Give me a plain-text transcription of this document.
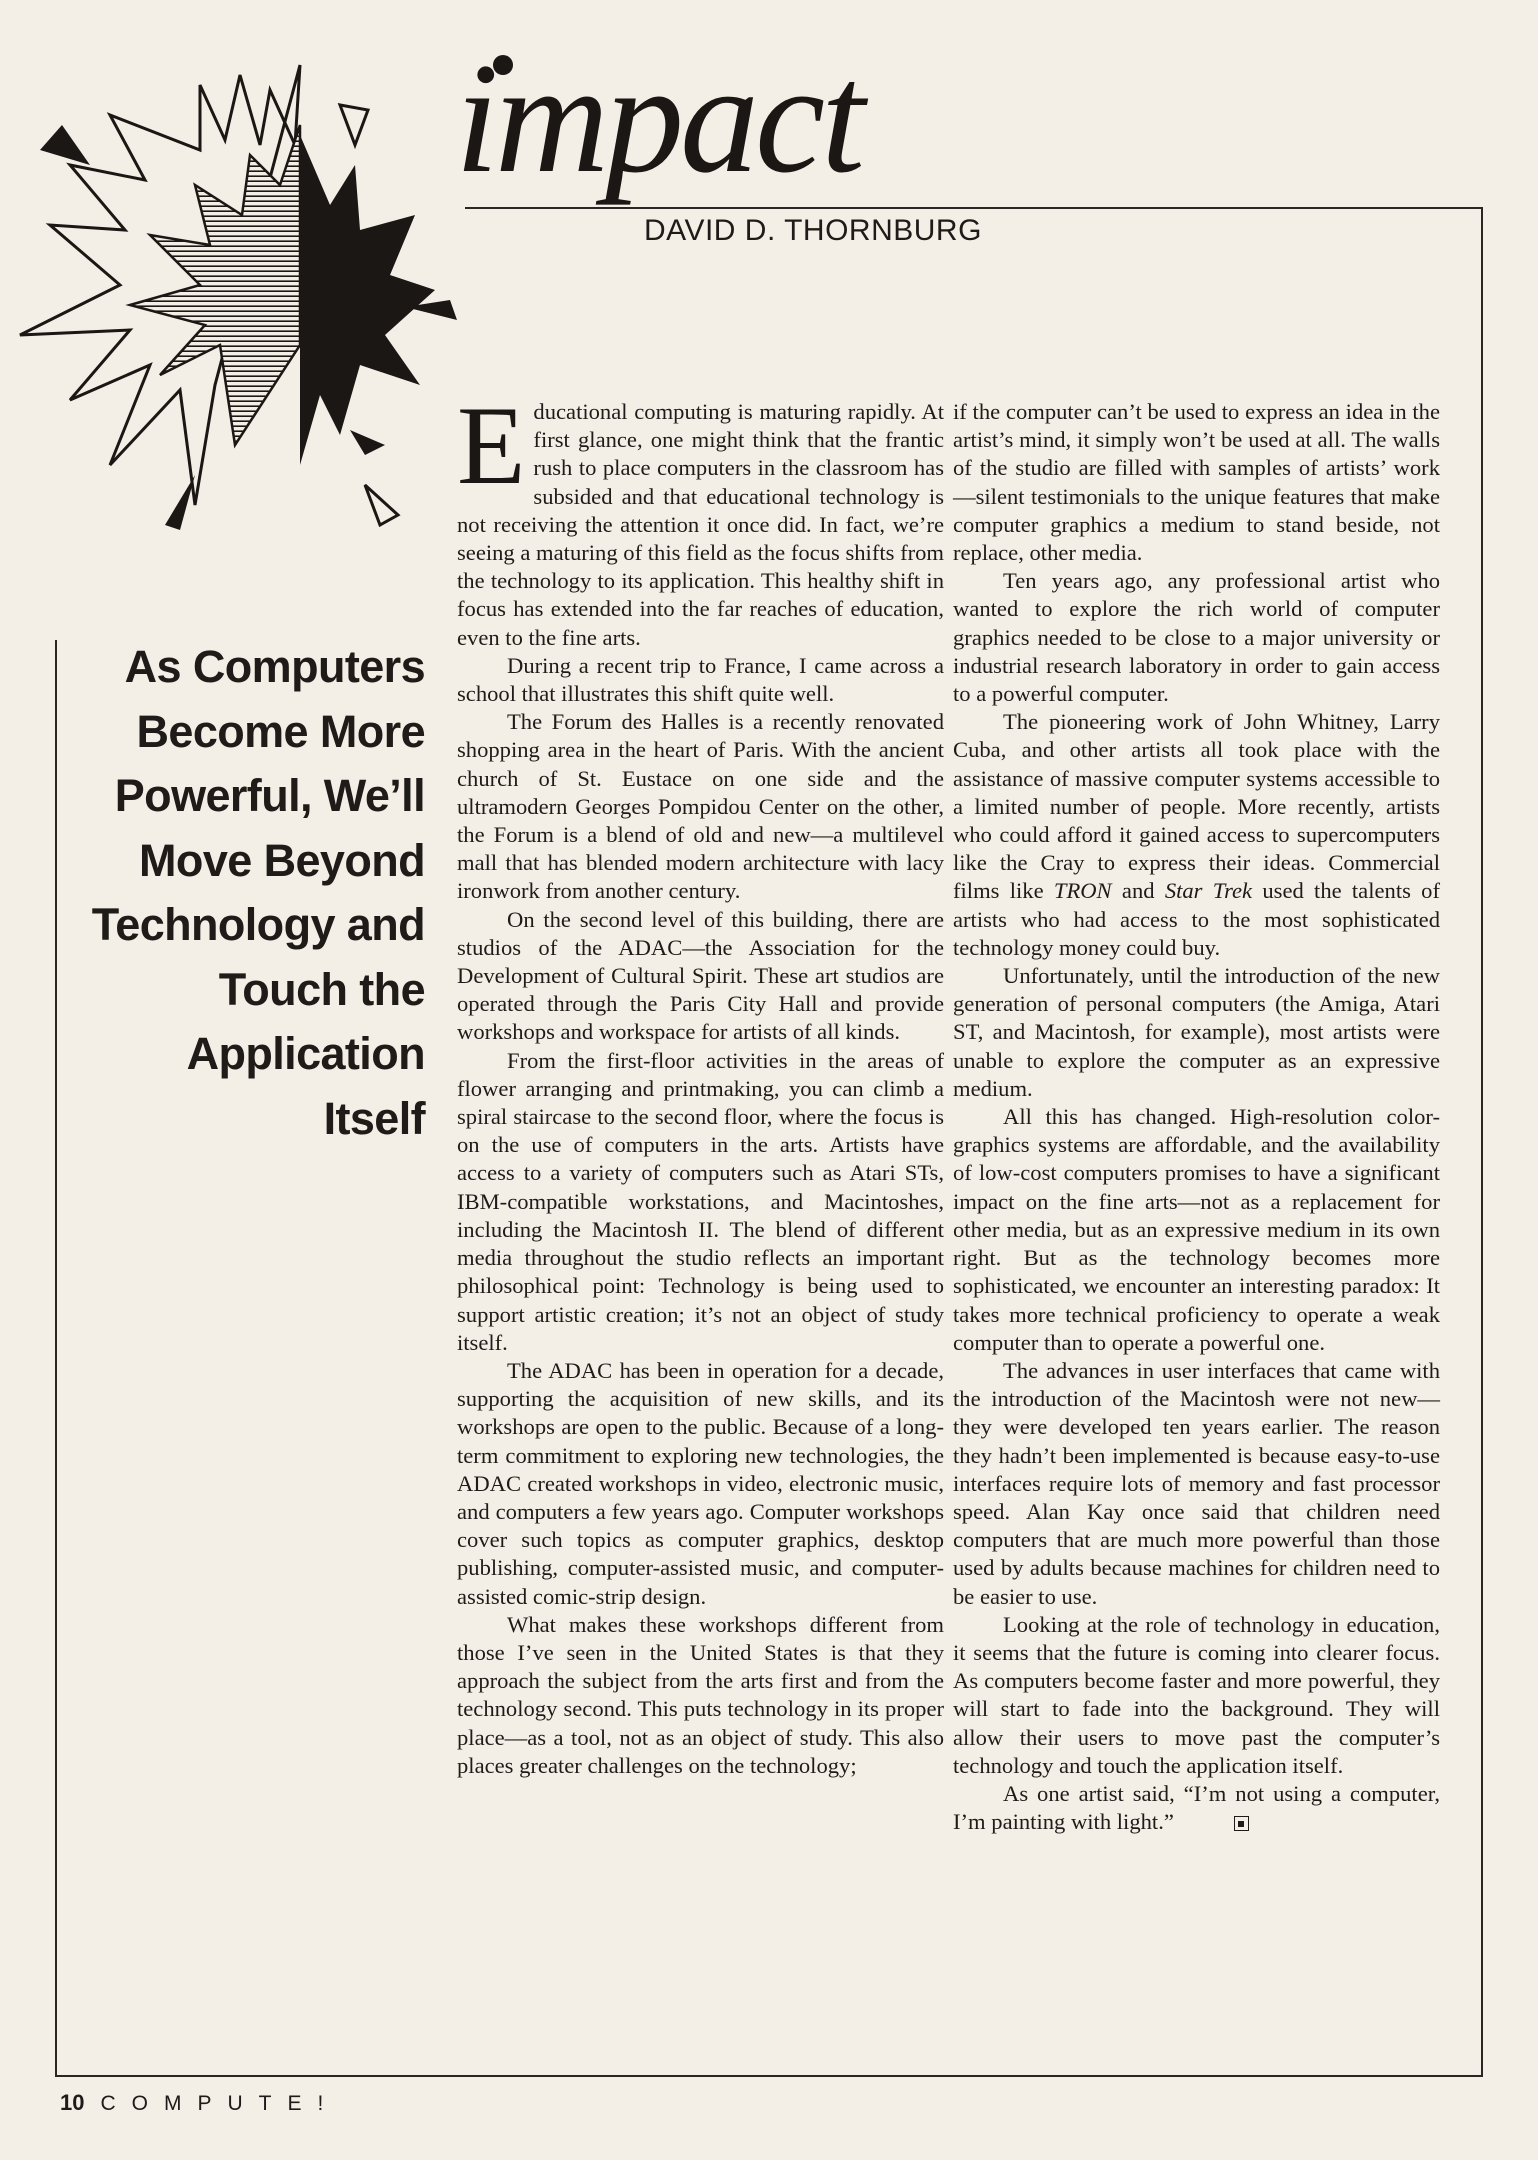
impact
DAVID D. THORNBURG
As Computers Become More Powerful, We’ll Move Beyond Technology and Touch the Application Itself

Educational computing is maturing rapidly. At first glance, one might think that the frantic rush to place computers in the classroom has subsided and that educational technology is not receiving the attention it once did. In fact, we’re seeing a maturing of this field as the focus shifts from the technology to its application. This healthy shift in focus has extended into the far reaches of education, even to the fine arts.

During a recent trip to France, I came across a school that illustrates this shift quite well.

The Forum des Halles is a recently renovated shopping area in the heart of Paris. With the ancient church of St. Eustace on one side and the ultramodern Georges Pompidou Center on the other, the Forum is a blend of old and new—a multilevel mall that has blended modern architecture with lacy ironwork from another century.

On the second level of this building, there are studios of the ADAC—the Association for the Development of Cultural Spirit. These art studios are operated through the Paris City Hall and provide workshops and workspace for artists of all kinds.

From the first-floor activities in the areas of flower arranging and printmaking, you can climb a spiral staircase to the second floor, where the focus is on the use of computers in the arts. Artists have access to a variety of computers such as Atari STs, IBM-compatible workstations, and Macintoshes, including the Macintosh II. The blend of different media throughout the studio reflects an important philosophical point: Technology is being used to support artistic creation; it’s not an object of study itself.

The ADAC has been in operation for a decade, supporting the acquisition of new skills, and its workshops are open to the public. Because of a long-term commitment to exploring new technologies, the ADAC created workshops in video, electronic music, and computers a few years ago. Computer workshops cover such topics as computer graphics, desktop publishing, computer-assisted music, and computer-assisted comic-strip design.

What makes these workshops different from those I’ve seen in the United States is that they approach the subject from the arts first and from the technology second. This puts technology in its proper place—as a tool, not as an object of study. This also places greater challenges on the technology;

if the computer can’t be used to express an idea in the artist’s mind, it simply won’t be used at all. The walls of the studio are filled with samples of artists’ work—silent testimonials to the unique features that make computer graphics a medium to stand beside, not replace, other media.

Ten years ago, any professional artist who wanted to explore the rich world of computer graphics needed to be close to a major university or industrial research laboratory in order to gain access to a powerful computer.

The pioneering work of John Whitney, Larry Cuba, and other artists all took place with the assistance of massive computer systems accessible to a limited number of people. More recently, artists who could afford it gained access to supercomputers like the Cray to express their ideas. Commercial films like TRON and Star Trek used the talents of artists who had access to the most sophisticated technology money could buy.

Unfortunately, until the introduction of the new generation of personal computers (the Amiga, Atari ST, and Macintosh, for example), most artists were unable to explore the computer as an expressive medium.

All this has changed. High-resolution color-graphics systems are affordable, and the availability of low-cost computers promises to have a significant impact on the fine arts—not as a replacement for other media, but as an expressive medium in its own right. But as the technology becomes more sophisticated, we encounter an interesting paradox: It takes more technical proficiency to operate a weak computer than to operate a powerful one.

The advances in user interfaces that came with the introduction of the Macintosh were not new—they were developed ten years earlier. The reason they hadn’t been implemented is because easy-to-use interfaces require lots of memory and fast processor speed. Alan Kay once said that children need computers that are much more powerful than those used by adults because machines for children need to be easier to use.

Looking at the role of technology in education, it seems that the future is coming into clearer focus. As computers become faster and more powerful, they will start to fade into the background. They will allow their users to move past the computer’s technology and touch the application itself.

As one artist said, “I’m not using a computer, I’m painting with light.”

10 COMPUTE!
